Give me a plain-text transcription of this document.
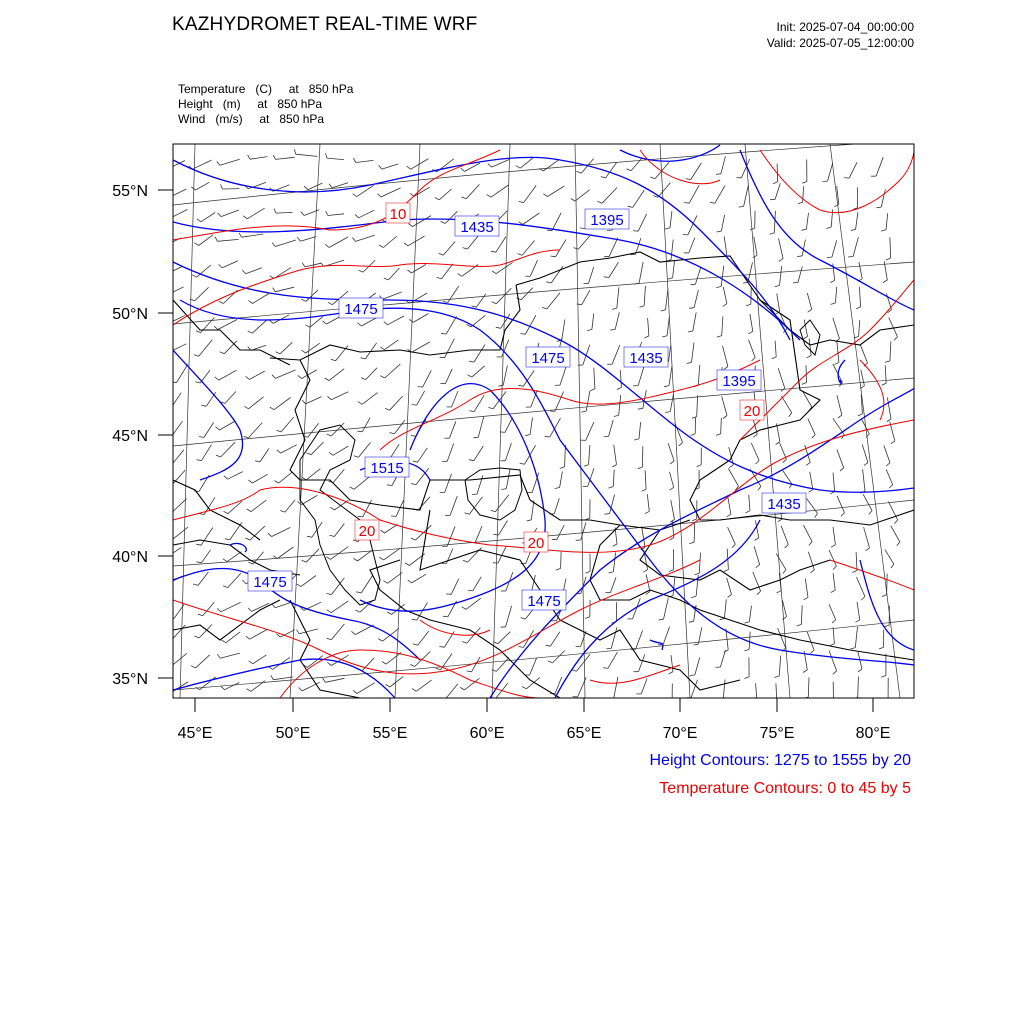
KAZHYDROMET REAL-TIME WRF	Init: 2025-07-04_00:00:00
Valid: 2025-07-05_12:00:00
Temperature   (C)     at   850 hPa
Height   (m)     at   850 hPa
Wind   (m/s)     at   850 hPa
55°N
50°N
45°N
40°N
35°N
45°E	50°E	55°E	60°E	65°E	70°E	75°E	80°E
1435	1395
1475
1475	1435
1395
1515
1435
1475
1475
10
20
20
20
Height Contours: 1275 to 1555 by 20
Temperature Contours: 0 to 45 by 5
